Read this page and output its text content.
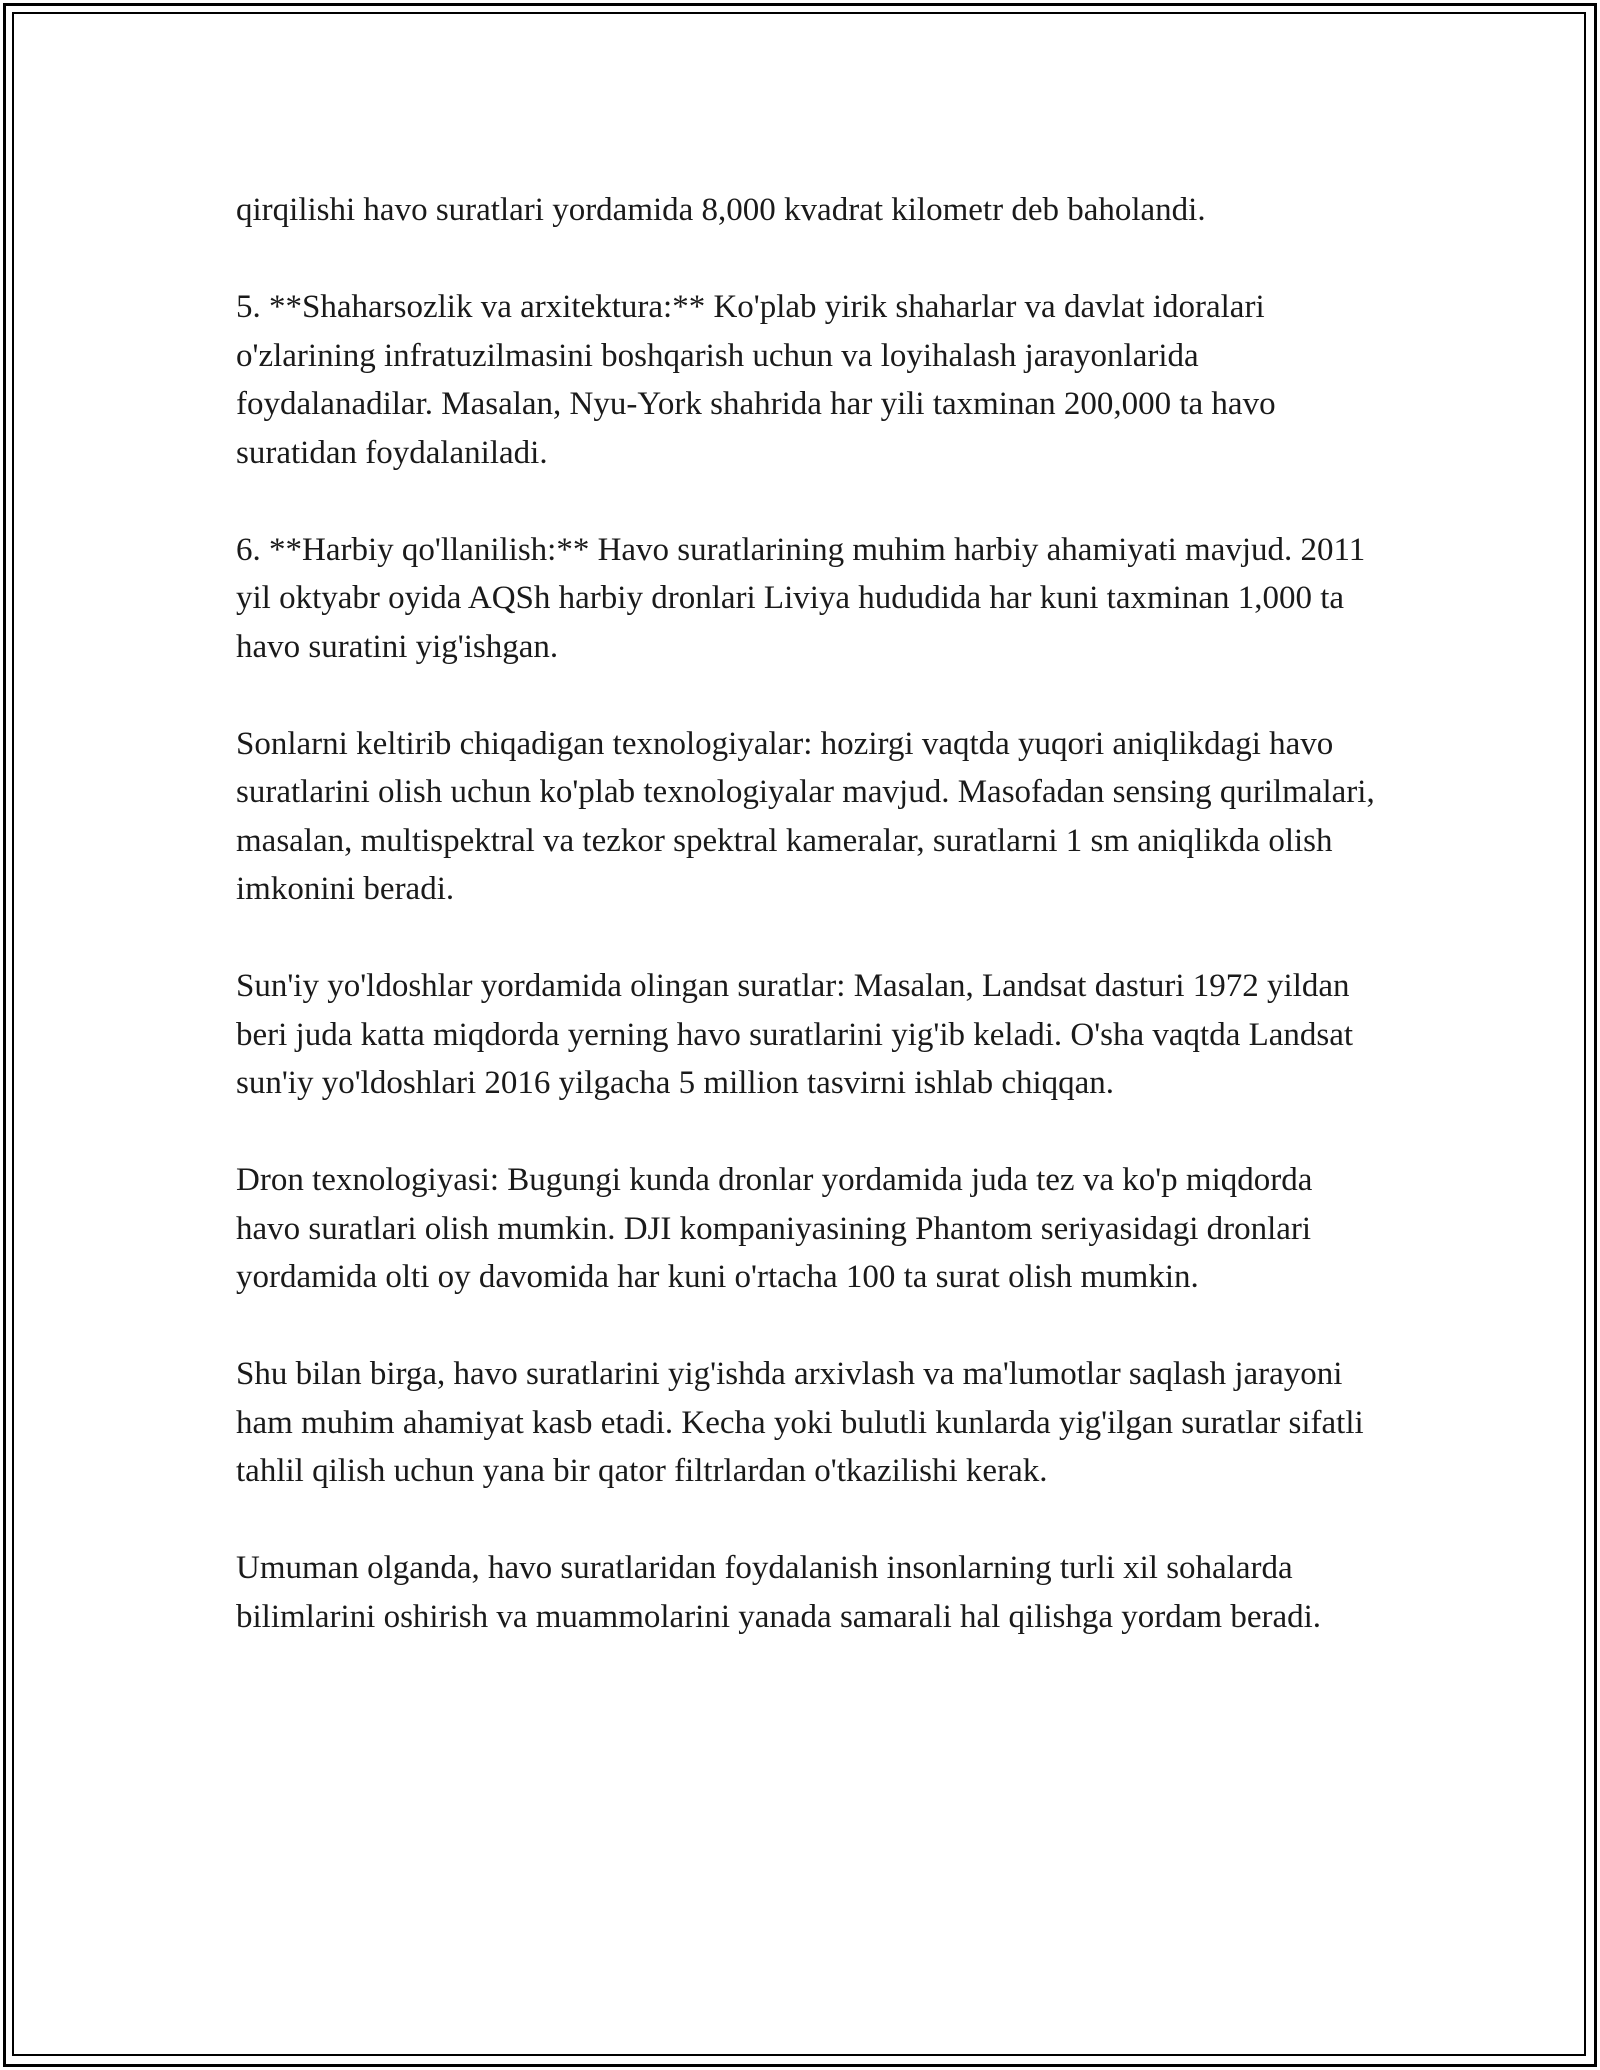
qirqilishi havo suratlari yordamida 8,000 kvadrat kilometr deb baholandi.

5. **Shaharsozlik va arxitektura:** Ko'plab yirik shaharlar va davlat idoralari o'zlarining infratuzilmasini boshqarish uchun va loyihalash jarayonlarida foydalanadilar. Masalan, Nyu-York shahrida har yili taxminan 200,000 ta havo suratidan foydalaniladi.

6. **Harbiy qo'llanilish:** Havo suratlarining muhim harbiy ahamiyati mavjud. 2011 yil oktyabr oyida AQSh harbiy dronlari Liviya hududida har kuni taxminan 1,000 ta havo suratini yig'ishgan.

Sonlarni keltirib chiqadigan texnologiyalar: hozirgi vaqtda yuqori aniqlikdagi havo suratlarini olish uchun ko'plab texnologiyalar mavjud. Masofadan sensing qurilmalari, masalan, multispektral va tezkor spektral kameralar, suratlarni 1 sm aniqlikda olish imkonini beradi.

Sun'iy yo'ldoshlar yordamida olingan suratlar: Masalan, Landsat dasturi 1972 yildan beri juda katta miqdorda yerning havo suratlarini yig'ib keladi. O'sha vaqtda Landsat sun'iy yo'ldoshlari 2016 yilgacha 5 million tasvirni ishlab chiqqan.

Dron texnologiyasi: Bugungi kunda dronlar yordamida juda tez va ko'p miqdorda havo suratlari olish mumkin. DJI kompaniyasining Phantom seriyasidagi dronlari yordamida olti oy davomida har kuni o'rtacha 100 ta surat olish mumkin.

Shu bilan birga, havo suratlarini yig'ishda arxivlash va ma'lumotlar saqlash jarayoni ham muhim ahamiyat kasb etadi. Kecha yoki bulutli kunlarda yig'ilgan suratlar sifatli tahlil qilish uchun yana bir qator filtrlardan o'tkazilishi kerak.

Umuman olganda, havo suratlaridan foydalanish insonlarning turli xil sohalarda bilimlarini oshirish va muammolarini yanada samarali hal qilishga yordam beradi.
